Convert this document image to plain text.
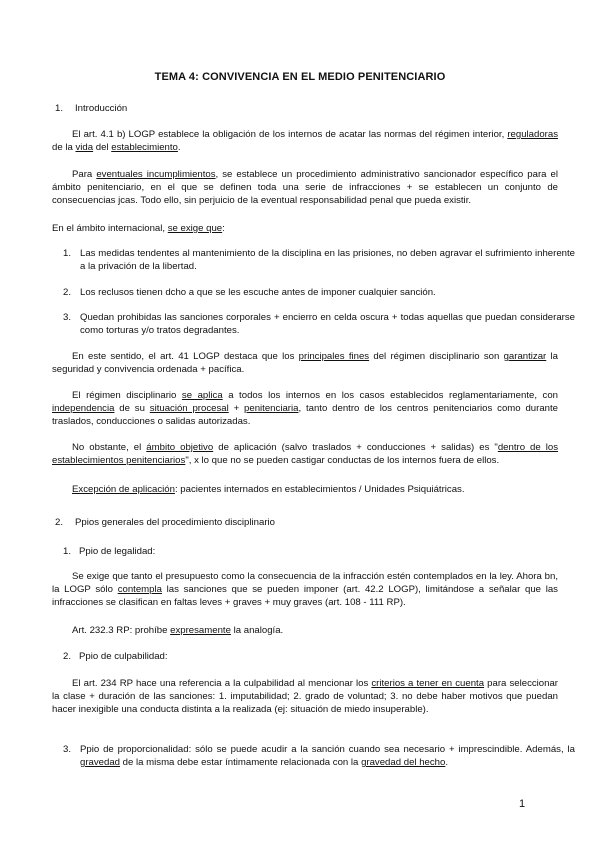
TEMA 4: CONVIVENCIA EN EL MEDIO PENITENCIARIO
1. Introducción
El art. 4.1 b) LOGP establece la obligación de los internos de acatar las normas del régimen interior, reguladoras de la vida del establecimiento.
Para eventuales incumplimientos, se establece un procedimiento administrativo sancionador específico para el ámbito penitenciario, en el que se definen toda una serie de infracciones + se establecen un conjunto de consecuencias jcas. Todo ello, sin perjuicio de la eventual responsabilidad penal que pueda existir.
En el ámbito internacional, se exige que:
1. Las medidas tendentes al mantenimiento de la disciplina en las prisiones, no deben agravar el sufrimiento inherente a la privación de la libertad.
2. Los reclusos tienen dcho a que se les escuche antes de imponer cualquier sanción.
3. Quedan prohibidas las sanciones corporales + encierro en celda oscura + todas aquellas que puedan considerarse como torturas y/o tratos degradantes.
En este sentido, el art. 41 LOGP destaca que los principales fines del régimen disciplinario son garantizar la seguridad y convivencia ordenada + pacífica.
El régimen disciplinario se aplica a todos los internos en los casos establecidos reglamentariamente, con independencia de su situación procesal + penitenciaria, tanto dentro de los centros penitenciarios como durante traslados, conducciones o salidas autorizadas.
No obstante, el ámbito objetivo de aplicación (salvo traslados + conducciones + salidas) es "dentro de los establecimientos penitenciarios", x lo que no se pueden castigar conductas de los internos fuera de ellos.
Excepción de aplicación: pacientes internados en establecimientos / Unidades Psiquiátricas.
2. Ppios generales del procedimiento disciplinario
1. Ppio de legalidad:
Se exige que tanto el presupuesto como la consecuencia de la infracción estén contemplados en la ley. Ahora bn, la LOGP sólo contempla las sanciones que se pueden imponer (art. 42.2 LOGP), limitándose a señalar que las infracciones se clasifican en faltas leves + graves + muy graves (art. 108 - 111 RP).
Art. 232.3 RP: prohíbe expresamente la analogía.
2. Ppio de culpabilidad:
El art. 234 RP hace una referencia a la culpabilidad al mencionar los criterios a tener en cuenta para seleccionar la clase + duración de las sanciones: 1. imputabilidad; 2. grado de voluntad; 3. no debe haber motivos que puedan hacer inexigible una conducta distinta a la realizada (ej: situación de miedo insuperable).
3. Ppio de proporcionalidad: sólo se puede acudir a la sanción cuando sea necesario + imprescindible. Además, la gravedad de la misma debe estar íntimamente relacionada con la gravedad del hecho.
1
